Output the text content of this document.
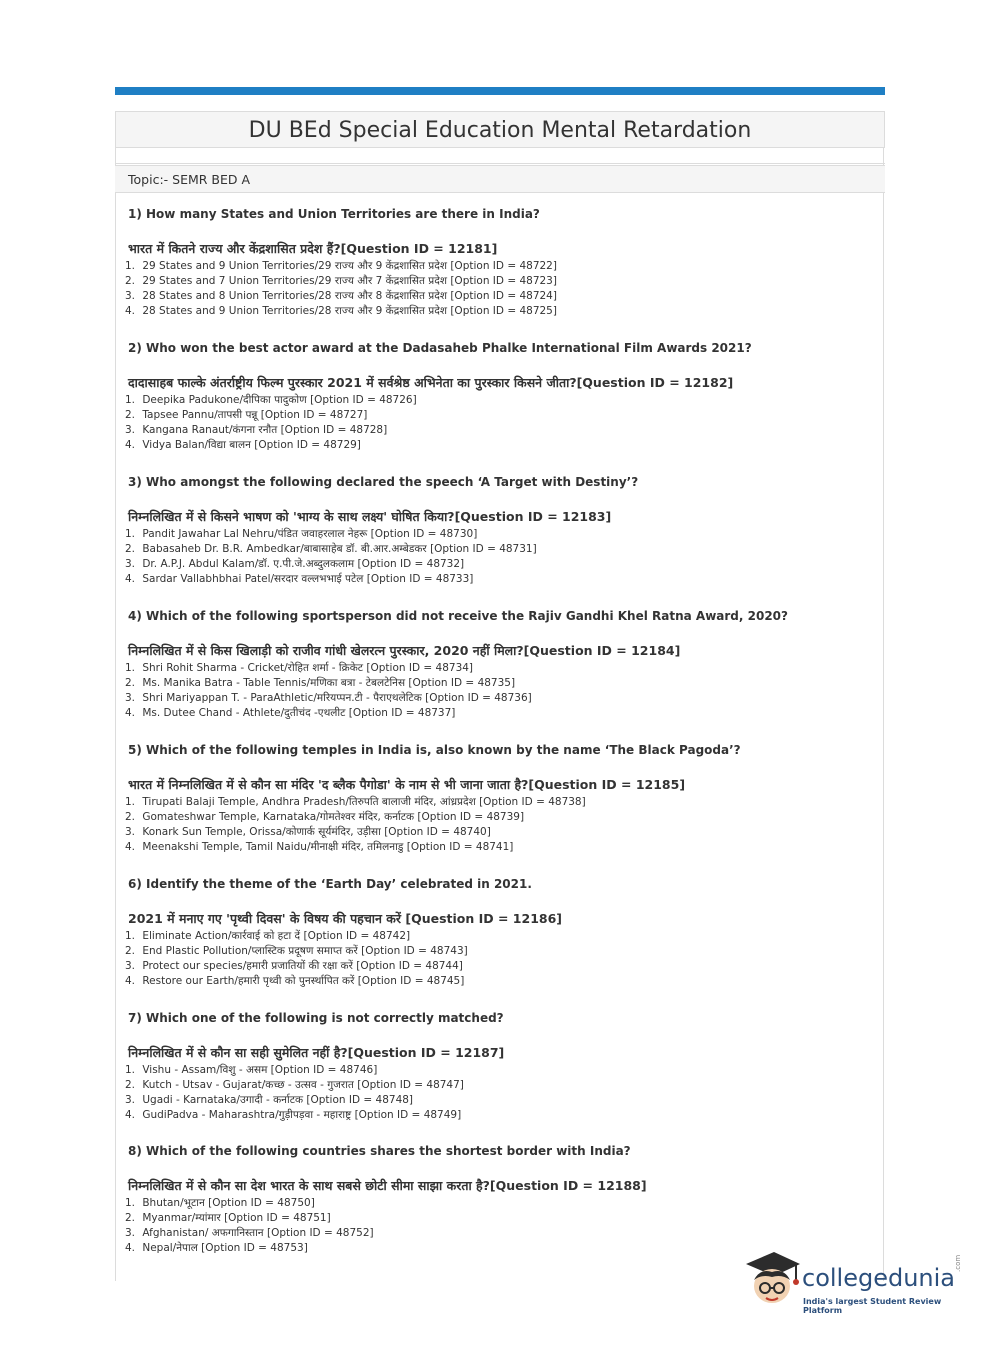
DU BEd Special Education Mental Retardation
Topic:- SEMR BED A
1) How many States and Union Territories are there in India?
भारत में कितने राज्य और केंद्रशासित प्रदेश हैं?[Question ID = 12181]
1. 29 States and 9 Union Territories/29 राज्य और 9 केंद्रशासित प्रदेश [Option ID = 48722]
2. 29 States and 7 Union Territories/29 राज्य और 7 केंद्रशासित प्रदेश [Option ID = 48723]
3. 28 States and 8 Union Territories/28 राज्य और 8 केंद्रशासित प्रदेश [Option ID = 48724]
4. 28 States and 9 Union Territories/28 राज्य और 9 केंद्रशासित प्रदेश [Option ID = 48725]
2) Who won the best actor award at the Dadasaheb Phalke International Film Awards 2021?
दादासाहब फाल्के अंतर्राष्ट्रीय फिल्म पुरस्कार 2021 में सर्वश्रेष्ठ अभिनेता का पुरस्कार किसने जीता?[Question ID = 12182]
1. Deepika Padukone/दीपिका पादुकोण [Option ID = 48726]
2. Tapsee Pannu/तापसी पन्नू [Option ID = 48727]
3. Kangana Ranaut/कंगना रनौत [Option ID = 48728]
4. Vidya Balan/विद्या बालन [Option ID = 48729]
3) Who amongst the following declared the speech ‘A Target with Destiny’?
निम्नलिखित में से किसने भाषण को 'भाग्य के साथ लक्ष्य' घोषित किया?[Question ID = 12183]
1. Pandit Jawahar Lal Nehru/पंडित जवाहरलाल नेहरू [Option ID = 48730]
2. Babasaheb Dr. B.R. Ambedkar/बाबासाहेब डॉ. बी.आर.अम्बेडकर [Option ID = 48731]
3. Dr. A.P.J. Abdul Kalam/डॉ. ए.पी.जे.अब्दुलकलाम [Option ID = 48732]
4. Sardar Vallabhbhai Patel/सरदार वल्लभभाई पटेल [Option ID = 48733]
4) Which of the following sportsperson did not receive the Rajiv Gandhi Khel Ratna Award, 2020?
निम्नलिखित में से किस खिलाड़ी को राजीव गांधी खेलरत्न पुरस्कार, 2020 नहीं मिला?[Question ID = 12184]
1. Shri Rohit Sharma - Cricket/रोहित शर्मा - क्रिकेट [Option ID = 48734]
2. Ms. Manika Batra - Table Tennis/मणिका बत्रा - टेबलटेनिस [Option ID = 48735]
3. Shri Mariyappan T. - ParaAthletic/मरियप्पन.टी - पैराएथलेटिक [Option ID = 48736]
4. Ms. Dutee Chand - Athlete/दुतीचंद -एथलीट [Option ID = 48737]
5) Which of the following temples in India is, also known by the name ‘The Black Pagoda’?
भारत में निम्नलिखित में से कौन सा मंदिर 'द ब्लैक पैगोडा' के नाम से भी जाना जाता है?[Question ID = 12185]
1. Tirupati Balaji Temple, Andhra Pradesh/तिरुपति बालाजी मंदिर, आंध्रप्रदेश [Option ID = 48738]
2. Gomateshwar Temple, Karnataka/गोमतेश्वर मंदिर, कर्नाटक [Option ID = 48739]
3. Konark Sun Temple, Orissa/कोणार्क सूर्यमंदिर, उड़ीसा [Option ID = 48740]
4. Meenakshi Temple, Tamil Naidu/मीनाक्षी मंदिर, तमिलनाडु [Option ID = 48741]
6) Identify the theme of the ‘Earth Day’ celebrated in 2021.
2021 में मनाए गए 'पृथ्वी दिवस' के विषय की पहचान करें [Question ID = 12186]
1. Eliminate Action/कार्रवाई को हटा दें [Option ID = 48742]
2. End Plastic Pollution/प्लास्टिक प्रदूषण समाप्त करें [Option ID = 48743]
3. Protect our species/हमारी प्रजातियों की रक्षा करें [Option ID = 48744]
4. Restore our Earth/हमारी पृथ्वी को पुनर्स्थापित करें [Option ID = 48745]
7) Which one of the following is not correctly matched?
निम्नलिखित में से कौन सा सही सुमेलित नहीं है?[Question ID = 12187]
1. Vishu - Assam/विशु - असम [Option ID = 48746]
2. Kutch - Utsav - Gujarat/कच्छ - उत्सव - गुजरात [Option ID = 48747]
3. Ugadi - Karnataka/उगादी - कर्नाटक [Option ID = 48748]
4. GudiPadva - Maharashtra/गुड़ीपड़वा - महाराष्ट्र [Option ID = 48749]
8) Which of the following countries shares the shortest border with India?
निम्नलिखित में से कौन सा देश भारत के साथ सबसे छोटी सीमा साझा करता है?[Question ID = 12188]
1. Bhutan/भूटान [Option ID = 48750]
2. Myanmar/म्यांमार [Option ID = 48751]
3. Afghanistan/ अफगानिस्तान [Option ID = 48752]
4. Nepal/नेपाल [Option ID = 48753]
collegedunia
.com
India's largest Student Review Platform
